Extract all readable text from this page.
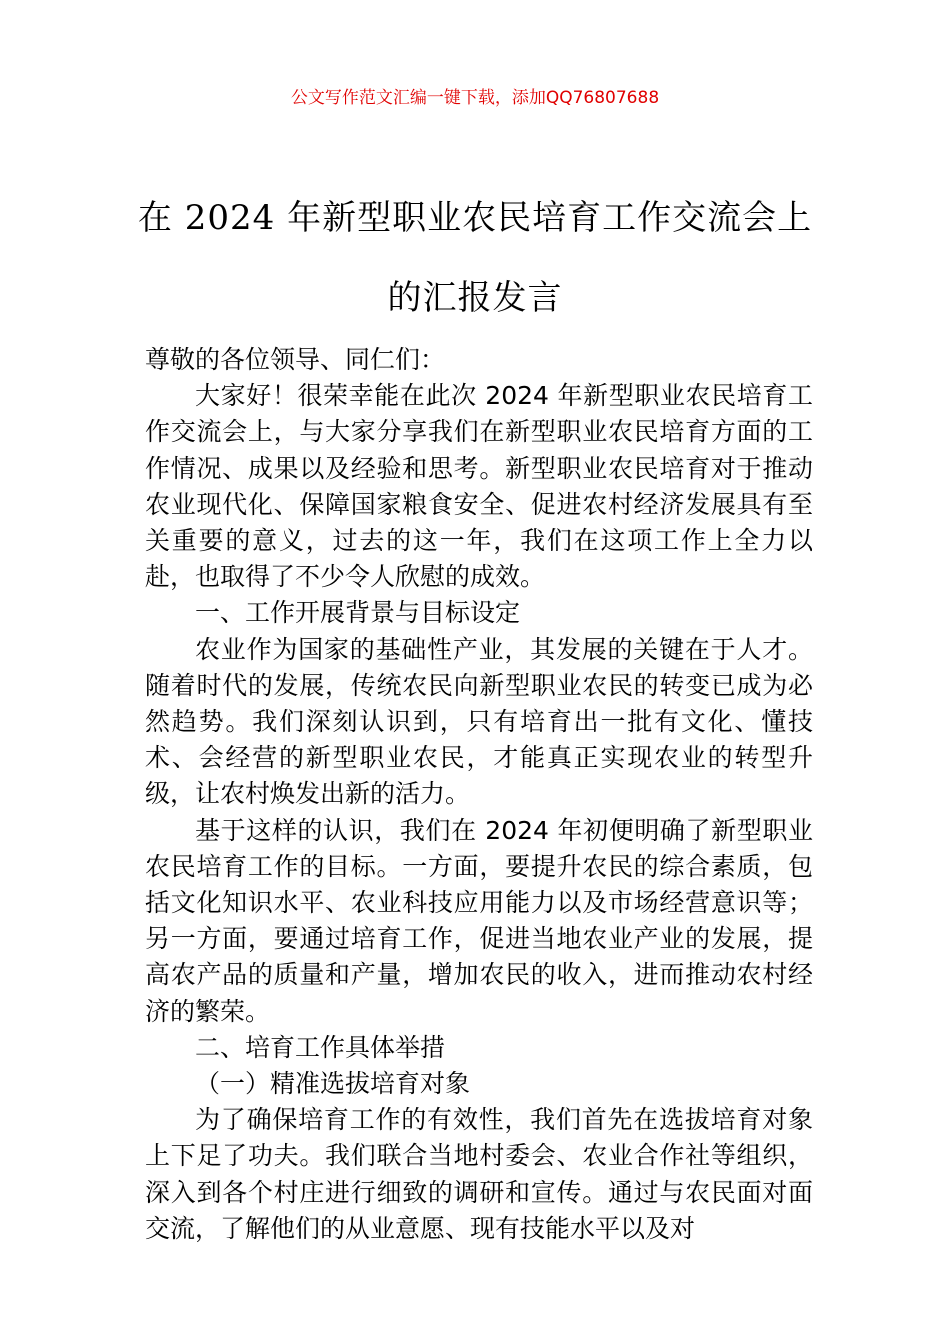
公文写作范文汇编一键下载，添加QQ76807688
在 2024 年新型职业农民培育工作交流会上
的汇报发言

尊敬的各位领导、同仁们：

大家好！很荣幸能在此次 2024 年新型职业农民培育工作交流会上，与大家分享我们在新型职业农民培育方面的工作情况、成果以及经验和思考。新型职业农民培育对于推动农业现代化、保障国家粮食安全、促进农村经济发展具有至关重要的意义，过去的这一年，我们在这项工作上全力以赴，也取得了不少令人欣慰的成效。

一、工作开展背景与目标设定

农业作为国家的基础性产业，其发展的关键在于人才。随着时代的发展，传统农民向新型职业农民的转变已成为必然趋势。我们深刻认识到，只有培育出一批有文化、懂技术、会经营的新型职业农民，才能真正实现农业的转型升级，让农村焕发出新的活力。

基于这样的认识，我们在 2024 年初便明确了新型职业农民培育工作的目标。一方面，要提升农民的综合素质，包括文化知识水平、农业科技应用能力以及市场经营意识等；另一方面，要通过培育工作，促进当地农业产业的发展，提高农产品的质量和产量，增加农民的收入，进而推动农村经济的繁荣。

二、培育工作具体举措

（一）精准选拔培育对象

为了确保培育工作的有效性，我们首先在选拔培育对象上下足了功夫。我们联合当地村委会、农业合作社等组织，深入到各个村庄进行细致的调研和宣传。通过与农民面对面交流，了解他们的从业意愿、现有技能水平以及对
